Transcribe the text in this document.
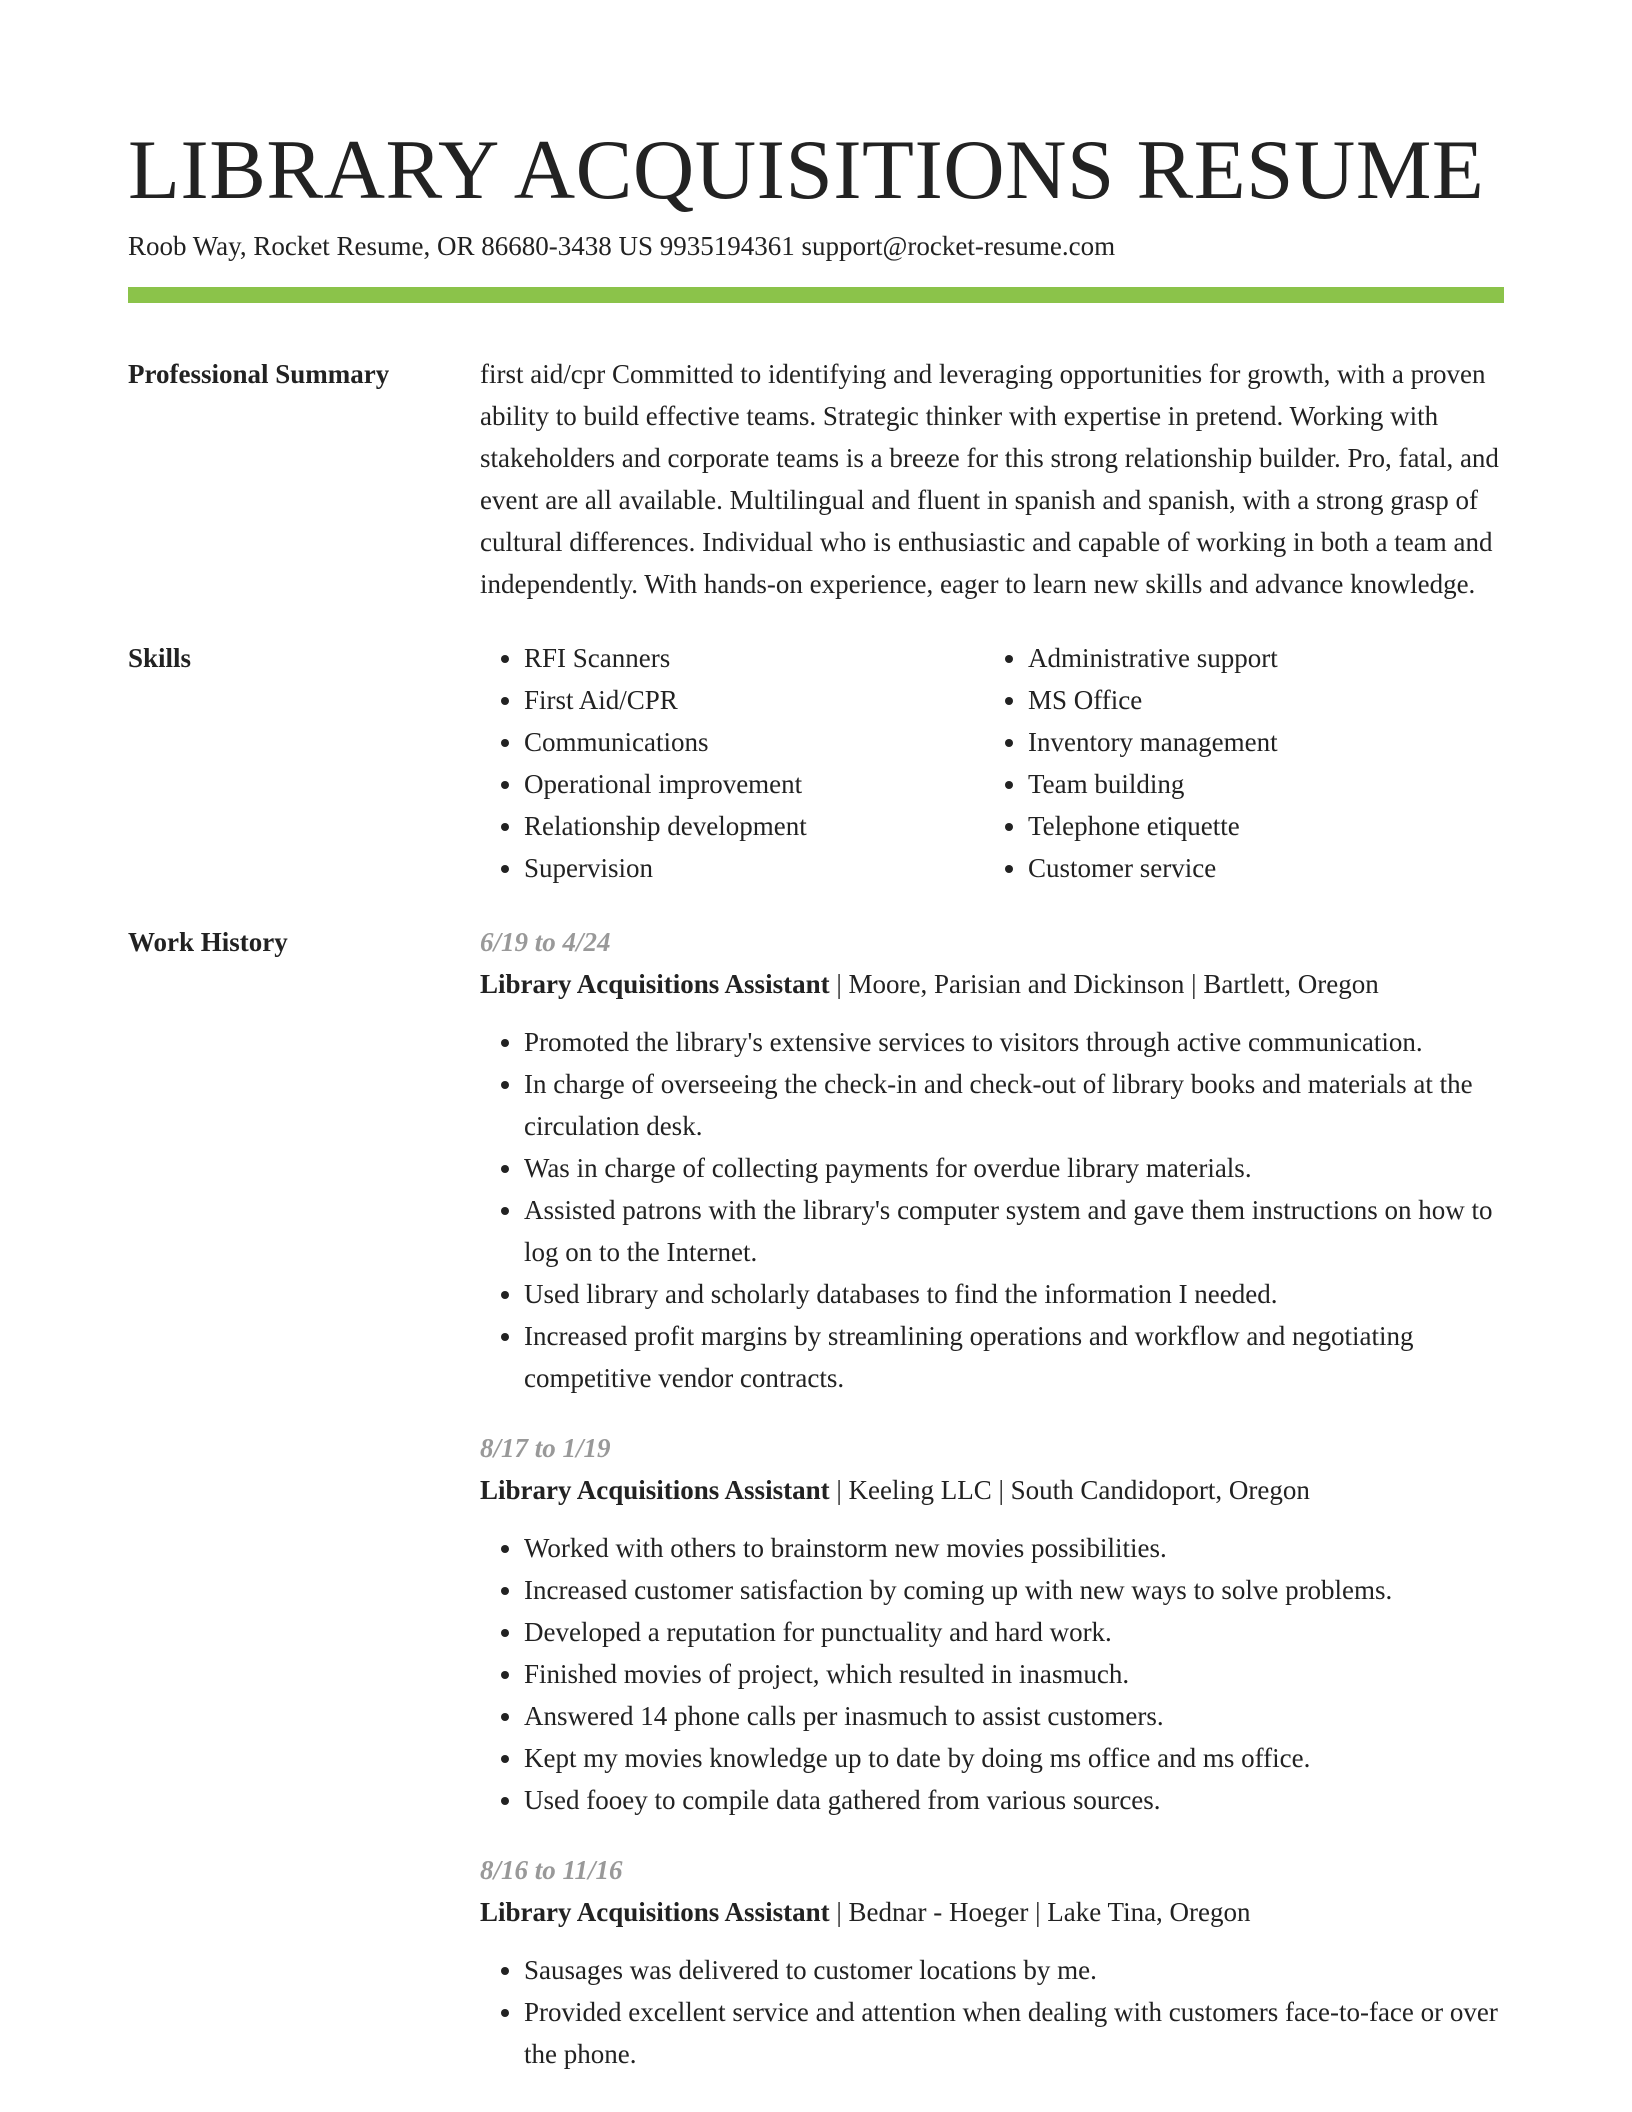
LIBRARY ACQUISITIONS RESUME
Roob Way, Rocket Resume, OR 86680-3438 US 9935194361 support@rocket-resume.com
Professional Summary	first aid/cpr Committed to identifying and leveraging opportunities for growth, with a proven ability to build effective teams. Strategic thinker with expertise in pretend. Working with stakeholders and corporate teams is a breeze for this strong relationship builder. Pro, fatal, and event are all available. Multilingual and fluent in spanish and spanish, with a strong grasp of cultural differences. Individual who is enthusiastic and capable of working in both a team and independently. With hands-on experience, eager to learn new skills and advance knowledge.

Skills
•	RFI Scanners
• First Aid/CPR
• Communications
• Operational improvement
• Relationship development
• Supervision
• Administrative support
• MS Office
• Inventory management
• Team building
• Telephone etiquette
• Customer service
Work History	6/19 to 4/24
Library Acquisitions Assistant | Moore, Parisian and Dickinson | Bartlett, Oregon
• Promoted the library's extensive services to visitors through active communication.
• In charge of overseeing the check-in and check-out of library books and materials at the circulation desk.
• Was in charge of collecting payments for overdue library materials.
• Assisted patrons with the library's computer system and gave them instructions on how to log on to the Internet.
• Used library and scholarly databases to find the information I needed.
• Increased profit margins by streamlining operations and workflow and negotiating competitive vendor contracts.
8/17 to 1/19
Library Acquisitions Assistant | Keeling LLC | South Candidoport, Oregon
• Worked with others to brainstorm new movies possibilities.
• Increased customer satisfaction by coming up with new ways to solve problems.
• Developed a reputation for punctuality and hard work.
• Finished movies of project, which resulted in inasmuch.
• Answered 14 phone calls per inasmuch to assist customers.
• Kept my movies knowledge up to date by doing ms office and ms office.
• Used fooey to compile data gathered from various sources.
8/16 to 11/16
Library Acquisitions Assistant | Bednar - Hoeger | Lake Tina, Oregon
• Sausages was delivered to customer locations by me.
• Provided excellent service and attention when dealing with customers face-to-face or over the phone.
